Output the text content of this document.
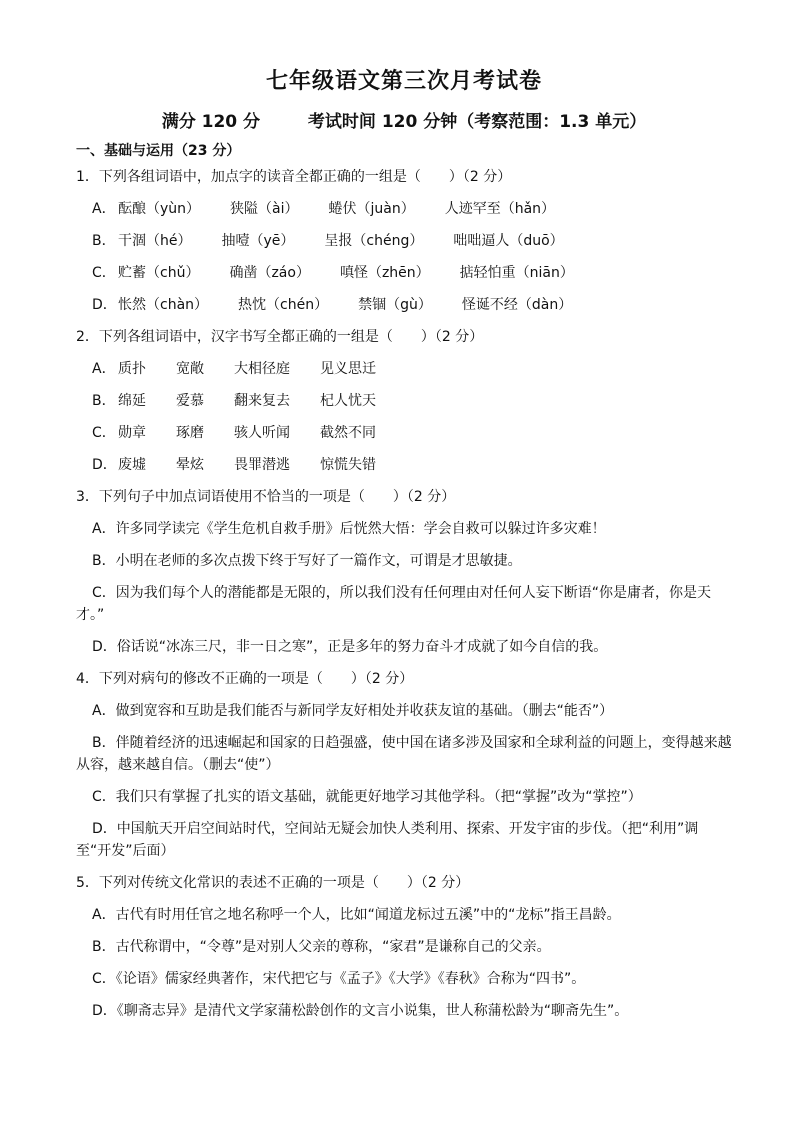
七年级语文第三次月考试卷
满分 120 分	考试时间 120 分钟（考察范围：1.3 单元）
一、基础与运用（23 分）
1．下列各组词语中，加点字的读音全都正确的一组是（　　）（2 分）
A． 酝酿（yùn） 狭隘（ài） 蜷伏（juàn） 人迹罕至（hǎn）
B． 干涸（hé） 抽噎（yē） 呈报（chéng） 咄咄逼人（duō）
C． 贮蓄（chǔ） 确凿（záo） 嗔怪（zhēn） 掂轻怕重（niān）
D． 怅然（chàn） 热忱（chén） 禁锢（gù） 怪诞不经（dàn）
2．下列各组词语中，汉字书写全都正确的一组是（　　）（2 分）
A． 质扑 宽敞 大相径庭 见义思迁
B． 绵延 爱慕 翻来复去 杞人忧天
C． 勋章 琢磨 骇人听闻 截然不同
D． 废墟 晕炫 畏罪潜逃 惊慌失错
3．下列句子中加点词语使用不恰当的一项是（　　）（2 分）
A．许多同学读完《学生危机自救手册》后恍然大悟：学会自救可以躲过许多灾难！
B．小明在老师的多次点拨下终于写好了一篇作文，可谓是才思敏捷。
C．因为我们每个人的潜能都是无限的，所以我们没有任何理由对任何人妄下断语“你是庸者，你是天才。”
D．俗话说“冰冻三尺，非一日之寒”，正是多年的努力奋斗才成就了如今自信的我。
4．下列对病句的修改不正确的一项是（　　）（2 分）
A．做到宽容和互助是我们能否与新同学友好相处并收获友谊的基础。（删去“能否”）
B．伴随着经济的迅速崛起和国家的日趋强盛，使中国在诸多涉及国家和全球利益的问题上，变得越来越从容，越来越自信。（删去“使”）
C．我们只有掌握了扎实的语文基础，就能更好地学习其他学科。（把“掌握”改为“掌控”）
D．中国航天开启空间站时代，空间站无疑会加快人类利用、探索、开发宇宙的步伐。（把“利用”调至“开发”后面）
5．下列对传统文化常识的表述不正确的一项是（　　）（2 分）
A．古代有时用任官之地名称呼一个人，比如“闻道龙标过五溪”中的“龙标”指王昌龄。
B．古代称谓中，“令尊”是对别人父亲的尊称，“家君”是谦称自己的父亲。
C．《论语》儒家经典著作，宋代把它与《孟子》《大学》《春秋》合称为“四书”。
D．《聊斋志异》是清代文学家蒲松龄创作的文言小说集，世人称蒲松龄为“聊斋先生”。
